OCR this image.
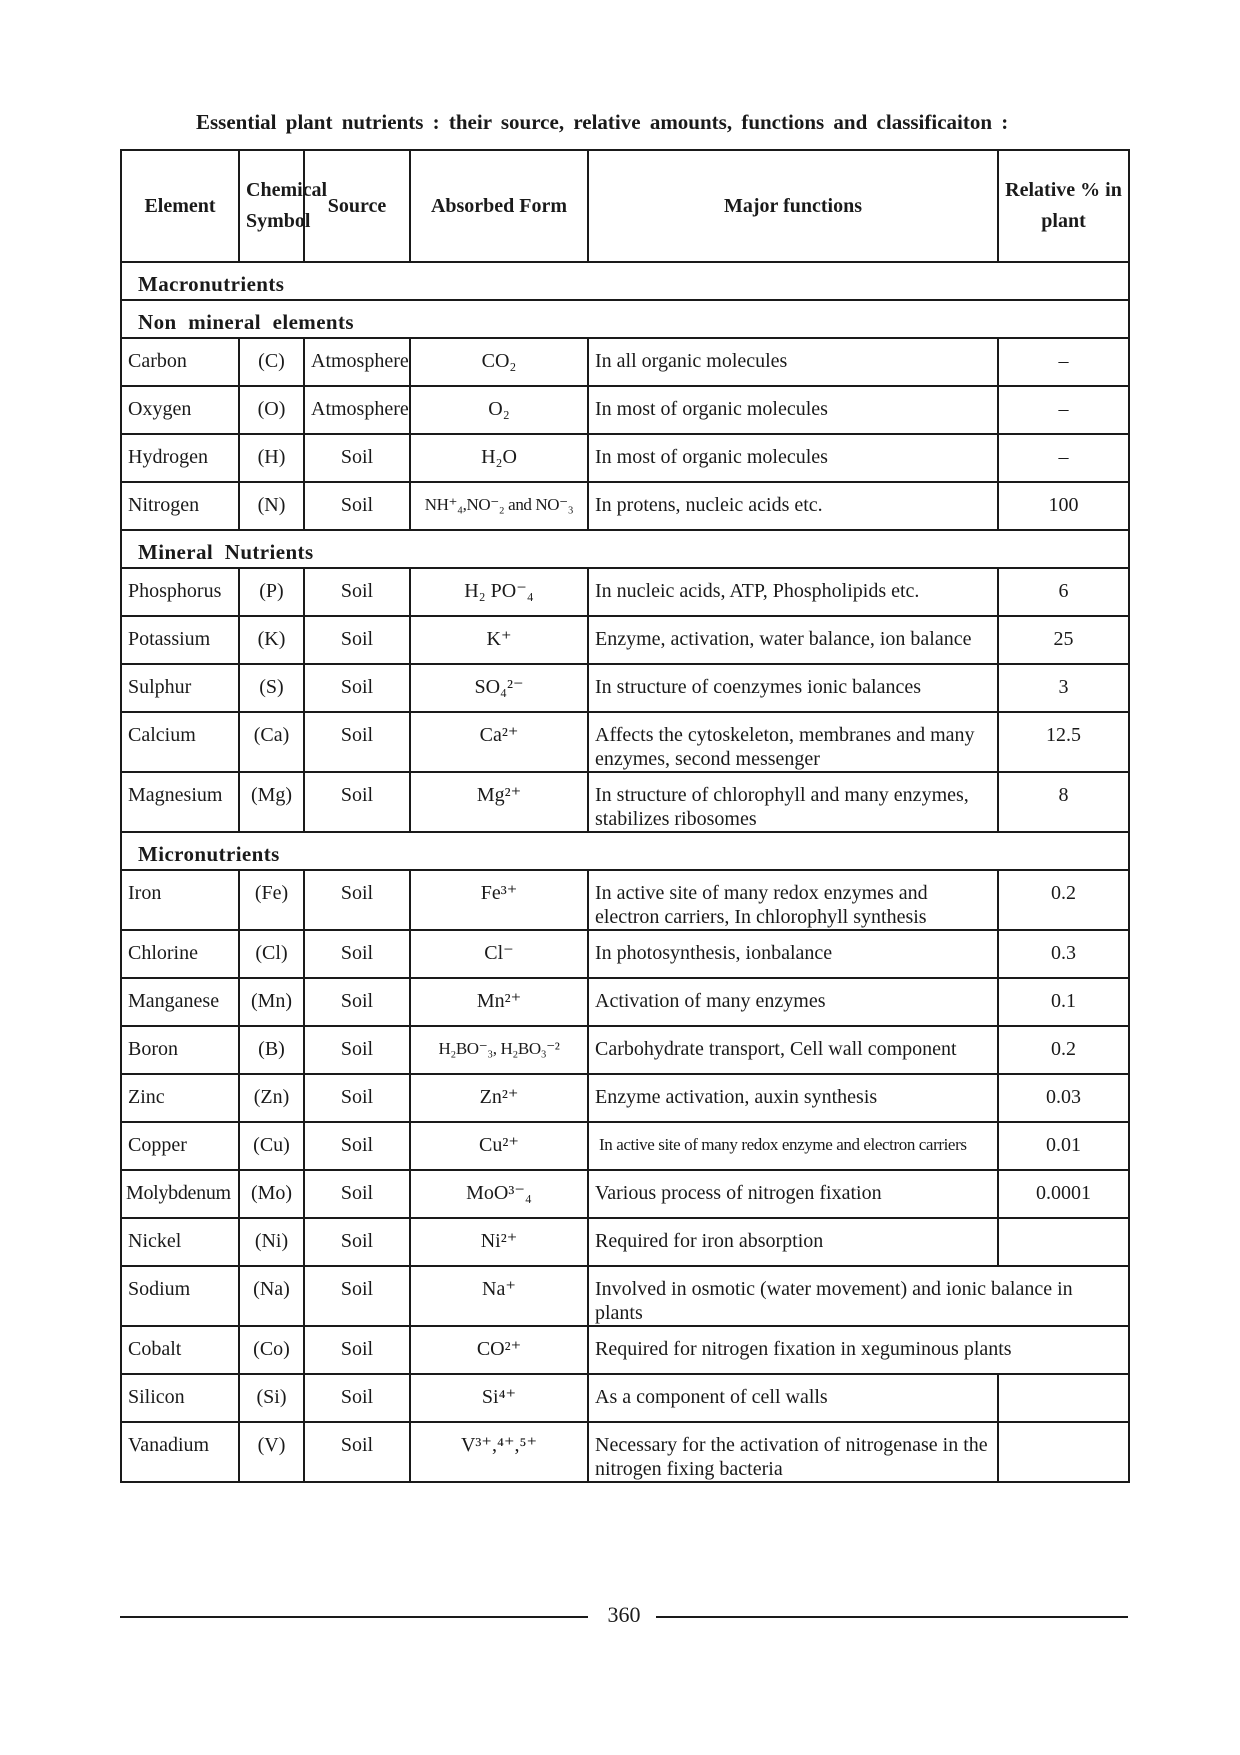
Essential plant nutrients : their source, relative amounts, functions and classificaiton :
Element	Chemical Symbol	Source	Absorbed Form	Major functions	Relative % in plant
Macronutrients					
Non mineral elements					
Carbon	(C)	Atmosphere	CO₂	In all organic molecules	–
Oxygen	(O)	Atmosphere	O₂	In most of organic molecules	–
Hydrogen	(H)	Soil	H₂O	In most of organic molecules	–
Nitrogen	(N)	Soil	NH⁺₄,NO⁻₂ and NO⁻₃	In protens, nucleic acids etc.	100
Mineral Nutrients					
Phosphorus	(P)	Soil	H₂ PO⁻₄	In nucleic acids, ATP, Phospholipids etc.	6
Potassium	(K)	Soil	K⁺	Enzyme, activation, water balance, ion balance	25
Sulphur	(S)	Soil	SO₄²⁻	In structure of coenzymes ionic balances	3
Calcium	(Ca)	Soil	Ca²⁺	Affects the cytoskeleton, membranes and many enzymes, second messenger	12.5
Magnesium	(Mg)	Soil	Mg²⁺	In structure of chlorophyll and many enzymes, stabilizes ribosomes	8
Micronutrients					
Iron	(Fe)	Soil	Fe³⁺	In active site of many redox enzymes and electron carriers, In chlorophyll synthesis	0.2
Chlorine	(Cl)	Soil	Cl⁻	In photosynthesis, ionbalance	0.3
Manganese	(Mn)	Soil	Mn²⁺	Activation of many enzymes	0.1
Boron	(B)	Soil	H₂BO⁻₃, H₂BO₃⁻²	Carbohydrate transport, Cell wall component	0.2
Zinc	(Zn)	Soil	Zn²⁺	Enzyme activation, auxin synthesis	0.03
Copper	(Cu)	Soil	Cu²⁺	In active site of many redox enzyme and electron carriers	0.01
Molybdenum	(Mo)	Soil	MoO³⁻₄	Various process of nitrogen fixation	0.0001
Nickel	(Ni)	Soil	Ni²⁺	Required for iron absorption	
Sodium	(Na)	Soil	Na⁺	Involved in osmotic (water movement) and ionic balance in plants	
Cobalt	(Co)	Soil	CO²⁺	Required for nitrogen fixation in xeguminous plants	
Silicon	(Si)	Soil	Si⁴⁺	As a component of cell walls	
Vanadium	(V)	Soil	V³⁺,⁴⁺,⁵⁺	Necessary for the activation of nitrogenase in the nitrogen fixing bacteria	
360
